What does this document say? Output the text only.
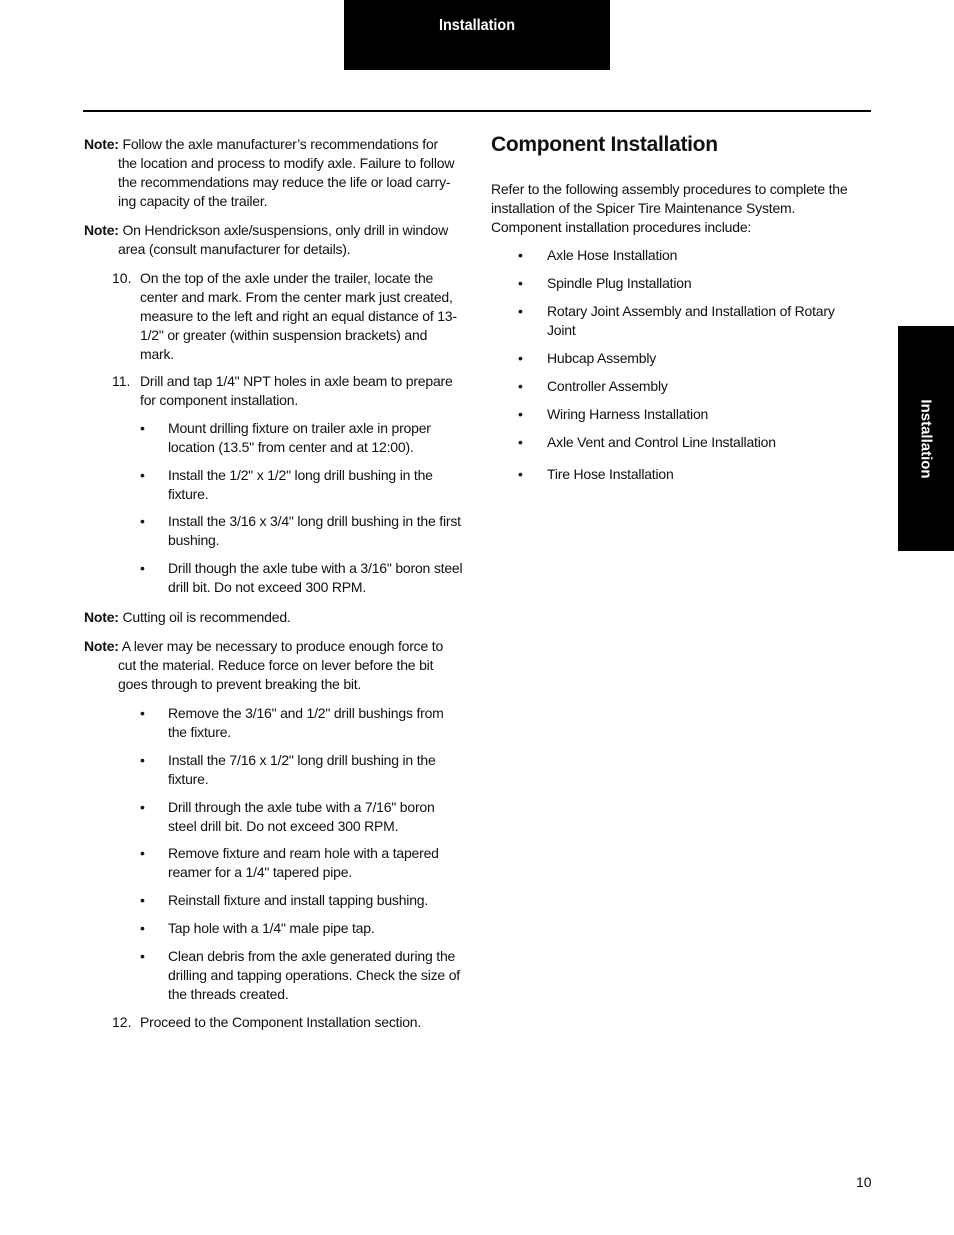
Installation
Installation
Note: Follow the axle manufacturer’s recommendations for
the location and process to modify axle. Failure to follow the recommendations may reduce the life or load carry-ing capacity of the trailer.
Note: On Hendrickson axle/suspensions, only drill in window
area (consult manufacturer for details).
10. On the top of the axle under the trailer, locate the center and mark. From the center mark just created, measure to the left and right an equal distance of 13-1/2" or greater (within suspension brackets) and mark.
11. Drill and tap 1/4" NPT holes in axle beam to prepare for component installation.
• Mount drilling fixture on trailer axle in proper location (13.5" from center and at 12:00).
• Install the 1/2" x 1/2" long drill bushing in the fixture.
• Install the 3/16 x 3/4" long drill bushing in the first bushing.
• Drill though the axle tube with a 3/16" boron steel drill bit. Do not exceed 300 RPM.
Note: Cutting oil is recommended.
Note: A lever may be necessary to produce enough force to
cut the material. Reduce force on lever before the bit goes through to prevent breaking the bit.
• Remove the 3/16" and 1/2" drill bushings from the fixture.
• Install the 7/16 x 1/2" long drill bushing in the fixture.
• Drill through the axle tube with a 7/16" boron steel drill bit. Do not exceed 300 RPM.
• Remove fixture and ream hole with a tapered reamer for a 1/4" tapered pipe.
• Reinstall fixture and install tapping bushing.
• Tap hole with a 1/4" male pipe tap.
• Clean debris from the axle generated during the drilling and tapping operations. Check the size of the threads created.
12. Proceed to the Component Installation section.
Component Installation
Refer to the following assembly procedures to complete the installation of the Spicer Tire Maintenance System. Component installation procedures include:
• Axle Hose Installation
• Spindle Plug Installation
• Rotary Joint Assembly and Installation of Rotary Joint
• Hubcap Assembly
• Controller Assembly
• Wiring Harness Installation
• Axle Vent and Control Line Installation
• Tire Hose Installation
10
